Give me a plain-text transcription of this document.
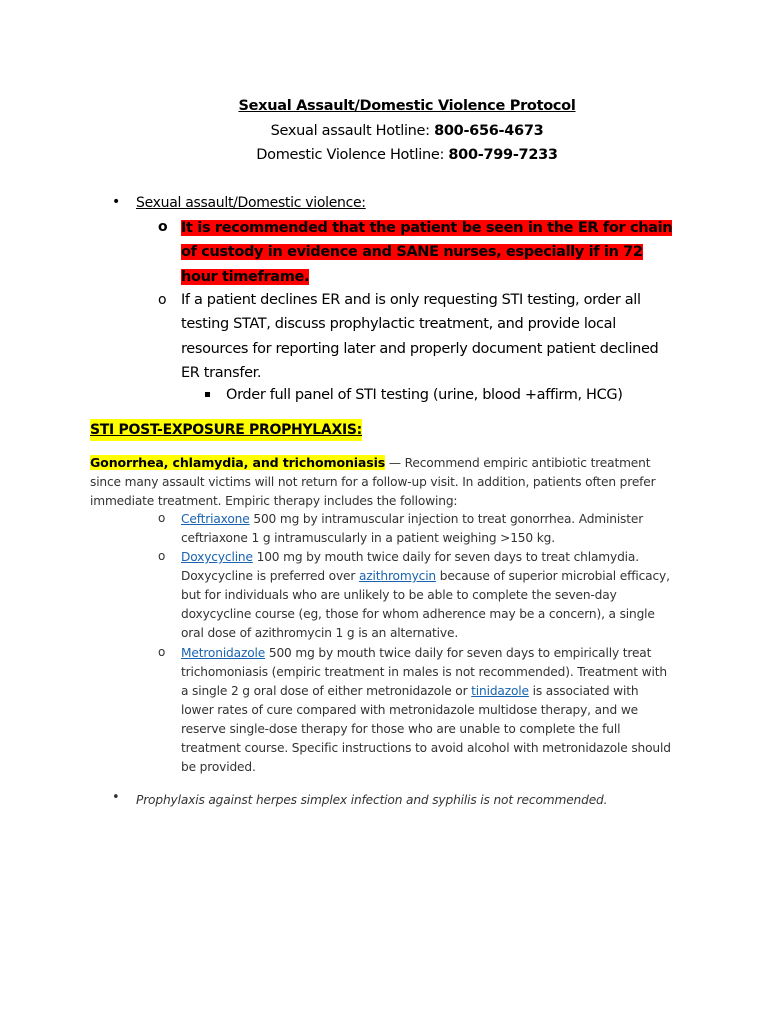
Sexual Assault/Domestic Violence Protocol
Sexual assault Hotline: 800-656-4673
Domestic Violence Hotline: 800-799-7233
• Sexual assault/Domestic violence:
o It is recommended that the patient be seen in the ER for chain of custody in evidence and SANE nurses, especially if in 72 hour timeframe.
o If a patient declines ER and is only requesting STI testing, order all testing STAT, discuss prophylactic treatment, and provide local resources for reporting later and properly document patient declined ER transfer.
Order full panel of STI testing (urine, blood +affirm, HCG)
STI POST-EXPOSURE PROPHYLAXIS:
Gonorrhea, chlamydia, and trichomoniasis — Recommend empiric antibiotic treatment since many assault victims will not return for a follow-up visit. In addition, patients often prefer immediate treatment. Empiric therapy includes the following:
o Ceftriaxone 500 mg by intramuscular injection to treat gonorrhea. Administer ceftriaxone 1 g intramuscularly in a patient weighing >150 kg.
o Doxycycline 100 mg by mouth twice daily for seven days to treat chlamydia. Doxycycline is preferred over azithromycin because of superior microbial efficacy, but for individuals who are unlikely to be able to complete the seven-day doxycycline course (eg, those for whom adherence may be a concern), a single oral dose of azithromycin 1 g is an alternative.
o Metronidazole 500 mg by mouth twice daily for seven days to empirically treat trichomoniasis (empiric treatment in males is not recommended). Treatment with a single 2 g oral dose of either metronidazole or tinidazole is associated with lower rates of cure compared with metronidazole multidose therapy, and we reserve single-dose therapy for those who are unable to complete the full treatment course. Specific instructions to avoid alcohol with metronidazole should be provided.
• Prophylaxis against herpes simplex infection and syphilis is not recommended.
